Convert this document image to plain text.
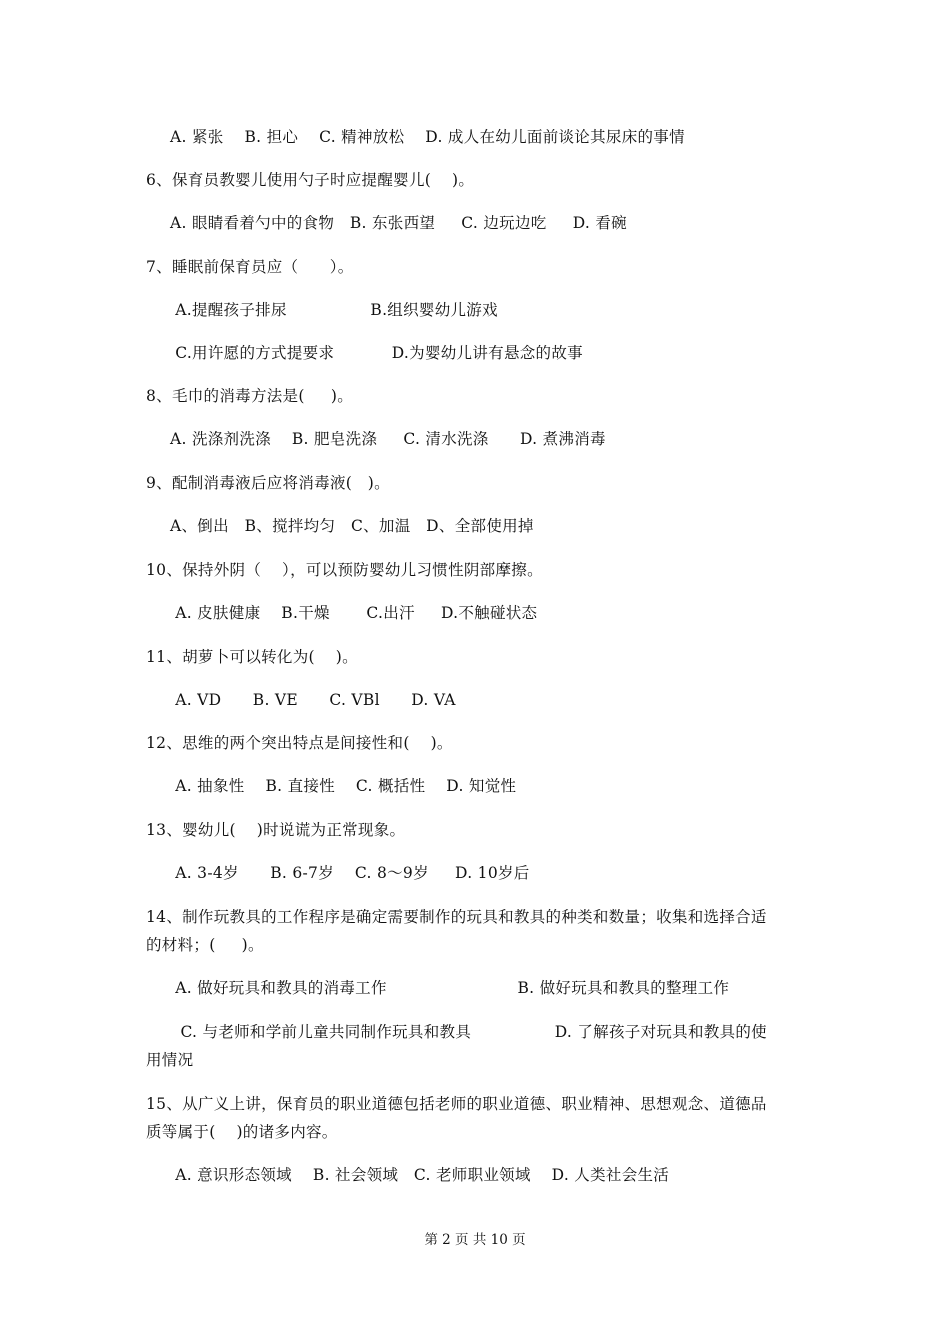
A. 紧张    B. 担心    C. 精神放松    D. 成人在幼儿面前谈论其尿床的事情
6、保育员教婴儿使用勺子时应提醒婴儿(    )。
A. 眼睛看着勺中的食物   B. 东张西望     C. 边玩边吃     D. 看碗
7、睡眠前保育员应（      ）。
A.提醒孩子排尿                B.组织婴幼儿游戏
C.用许愿的方式提要求           D.为婴幼儿讲有悬念的故事
8、毛巾的消毒方法是(     )。
A. 洗涤剂洗涤    B. 肥皂洗涤     C. 清水洗涤      D. 煮沸消毒
9、配制消毒液后应将消毒液(   )。
A、倒出   B、搅拌均匀   C、加温   D、全部使用掉
10、保持外阴（    ），可以预防婴幼儿习惯性阴部摩擦。
A. 皮肤健康    B.干燥       C.出汗     D.不触碰状态
11、胡萝卜可以转化为(    )。
A. VD      B. VE      C. VBl      D. VA
12、思维的两个突出特点是间接性和(    )。
A. 抽象性    B. 直接性    C. 概括性    D. 知觉性
13、婴幼儿(    )时说谎为正常现象。
A. 3-4岁      B. 6-7岁    C. 8～9岁     D. 10岁后
14、制作玩教具的工作程序是确定需要制作的玩具和教具的种类和数量；收集和选择合适
的材料；(     )。
A. 做好玩具和教具的消毒工作                         B. 做好玩具和教具的整理工作
C. 与老师和学前儿童共同制作玩具和教具                D. 了解孩子对玩具和教具的使
用情况
15、从广义上讲，保育员的职业道德包括老师的职业道德、职业精神、思想观念、道德品
质等属于(    )的诸多内容。
A. 意识形态领域    B. 社会领域   C. 老师职业领域    D. 人类社会生活
第 2 页 共 10 页
